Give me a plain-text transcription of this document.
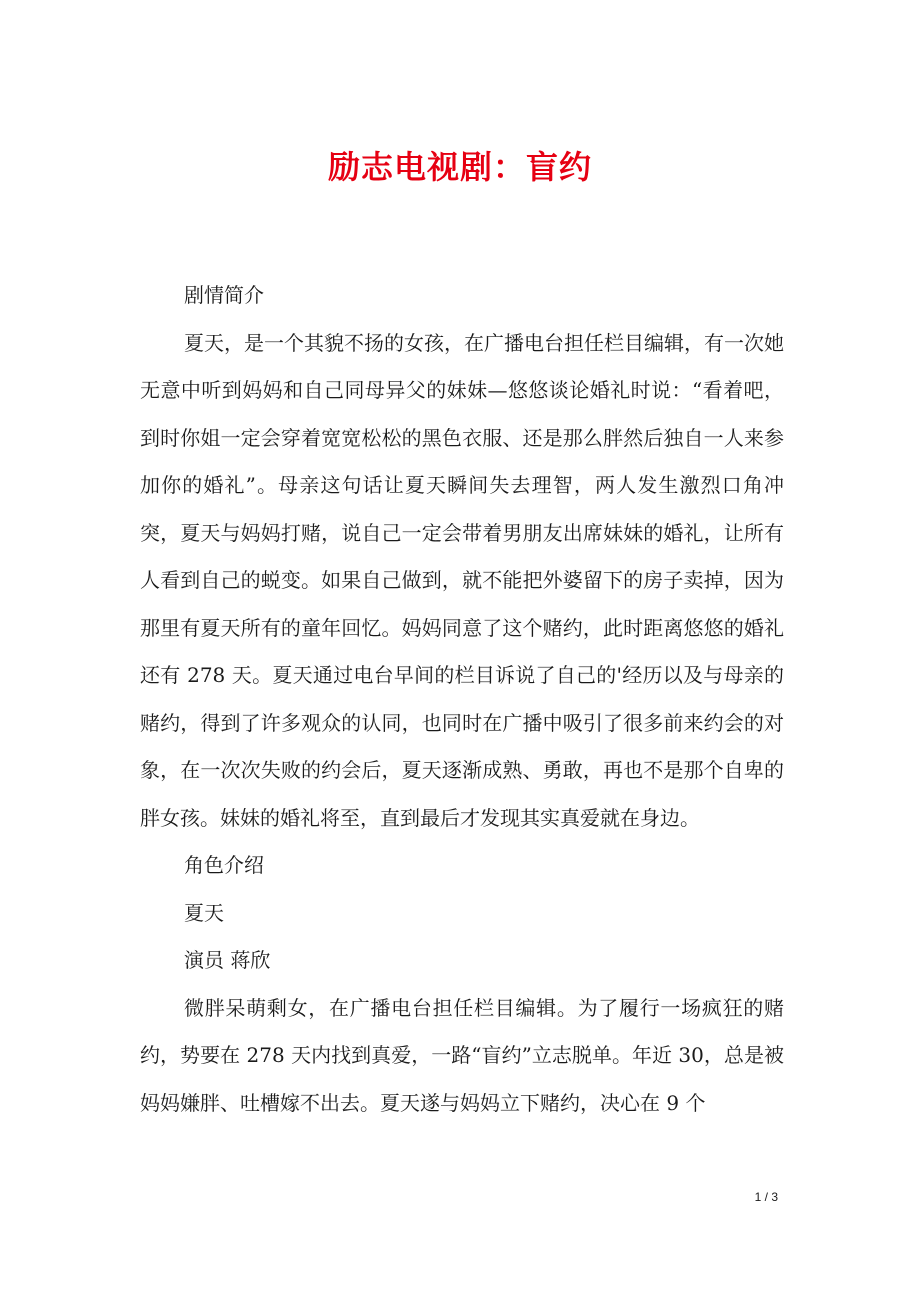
励志电视剧：盲约

剧情简介

夏天，是一个其貌不扬的女孩，在广播电台担任栏目编辑，有一次她无意中听到妈妈和自己同母异父的妹妹—悠悠谈论婚礼时说：“看着吧，到时你姐一定会穿着宽宽松松的黑色衣服、还是那么胖然后独自一人来参加你的婚礼”。母亲这句话让夏天瞬间失去理智，两人发生激烈口角冲突，夏天与妈妈打赌，说自己一定会带着男朋友出席妹妹的婚礼，让所有人看到自己的蜕变。如果自己做到，就不能把外婆留下的房子卖掉，因为那里有夏天所有的童年回忆。妈妈同意了这个赌约，此时距离悠悠的婚礼还有 278 天。夏天通过电台早间的栏目诉说了自己的'经历以及与母亲的赌约，得到了许多观众的认同，也同时在广播中吸引了很多前来约会的对象，在一次次失败的约会后，夏天逐渐成熟、勇敢，再也不是那个自卑的胖女孩。妹妹的婚礼将至，直到最后才发现其实真爱就在身边。

角色介绍

夏天

演员 蒋欣

微胖呆萌剩女，在广播电台担任栏目编辑。为了履行一场疯狂的赌约，势要在 278 天内找到真爱，一路“盲约”立志脱单。年近 30，总是被妈妈嫌胖、吐槽嫁不出去。夏天遂与妈妈立下赌约，决心在 9 个

1 / 3
